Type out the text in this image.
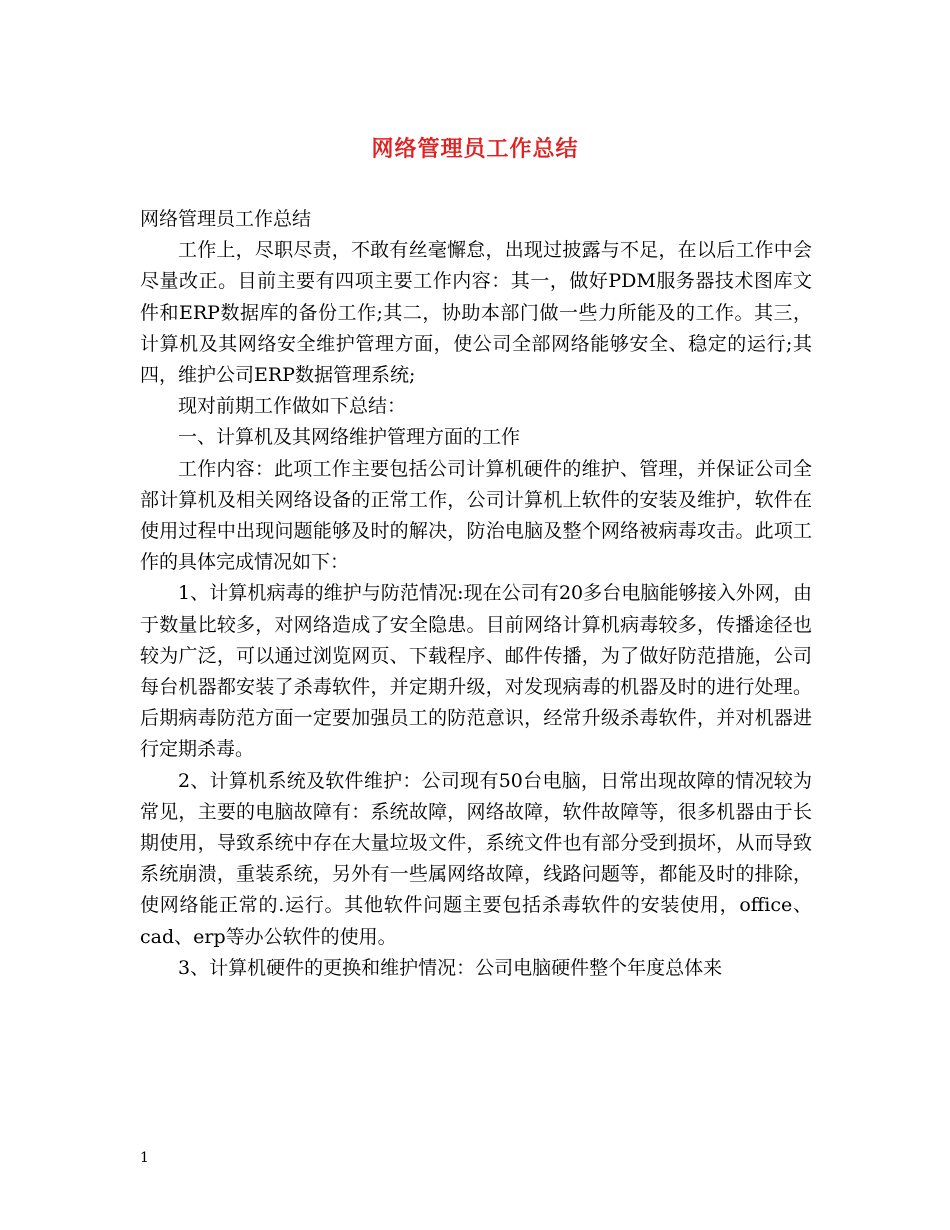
网络管理员工作总结

网络管理员工作总结

工作上，尽职尽责，不敢有丝毫懈怠，出现过披露与不足，在以后工作中会尽量改正。目前主要有四项主要工作内容：其一，做好PDM服务器技术图库文件和ERP数据库的备份工作;其二，协助本部门做一些力所能及的工作。其三，计算机及其网络安全维护管理方面，使公司全部网络能够安全、稳定的运行;其四，维护公司ERP数据管理系统;

现对前期工作做如下总结：

一、计算机及其网络维护管理方面的工作

工作内容：此项工作主要包括公司计算机硬件的维护、管理，并保证公司全部计算机及相关网络设备的正常工作，公司计算机上软件的安装及维护，软件在使用过程中出现问题能够及时的解决，防治电脑及整个网络被病毒攻击。此项工作的具体完成情况如下：

1、计算机病毒的维护与防范情况:现在公司有20多台电脑能够接入外网，由于数量比较多，对网络造成了安全隐患。目前网络计算机病毒较多，传播途径也较为广泛，可以通过浏览网页、下载程序、邮件传播，为了做好防范措施，公司每台机器都安装了杀毒软件，并定期升级，对发现病毒的机器及时的进行处理。后期病毒防范方面一定要加强员工的防范意识，经常升级杀毒软件，并对机器进行定期杀毒。

2、计算机系统及软件维护：公司现有50台电脑，日常出现故障的情况较为常见，主要的电脑故障有：系统故障，网络故障，软件故障等，很多机器由于长期使用，导致系统中存在大量垃圾文件，系统文件也有部分受到损坏，从而导致系统崩溃，重装系统，另外有一些属网络故障，线路问题等，都能及时的排除，使网络能正常的.运行。其他软件问题主要包括杀毒软件的安装使用，office、cad、erp等办公软件的使用。

3、计算机硬件的更换和维护情况：公司电脑硬件整个年度总体来

1
